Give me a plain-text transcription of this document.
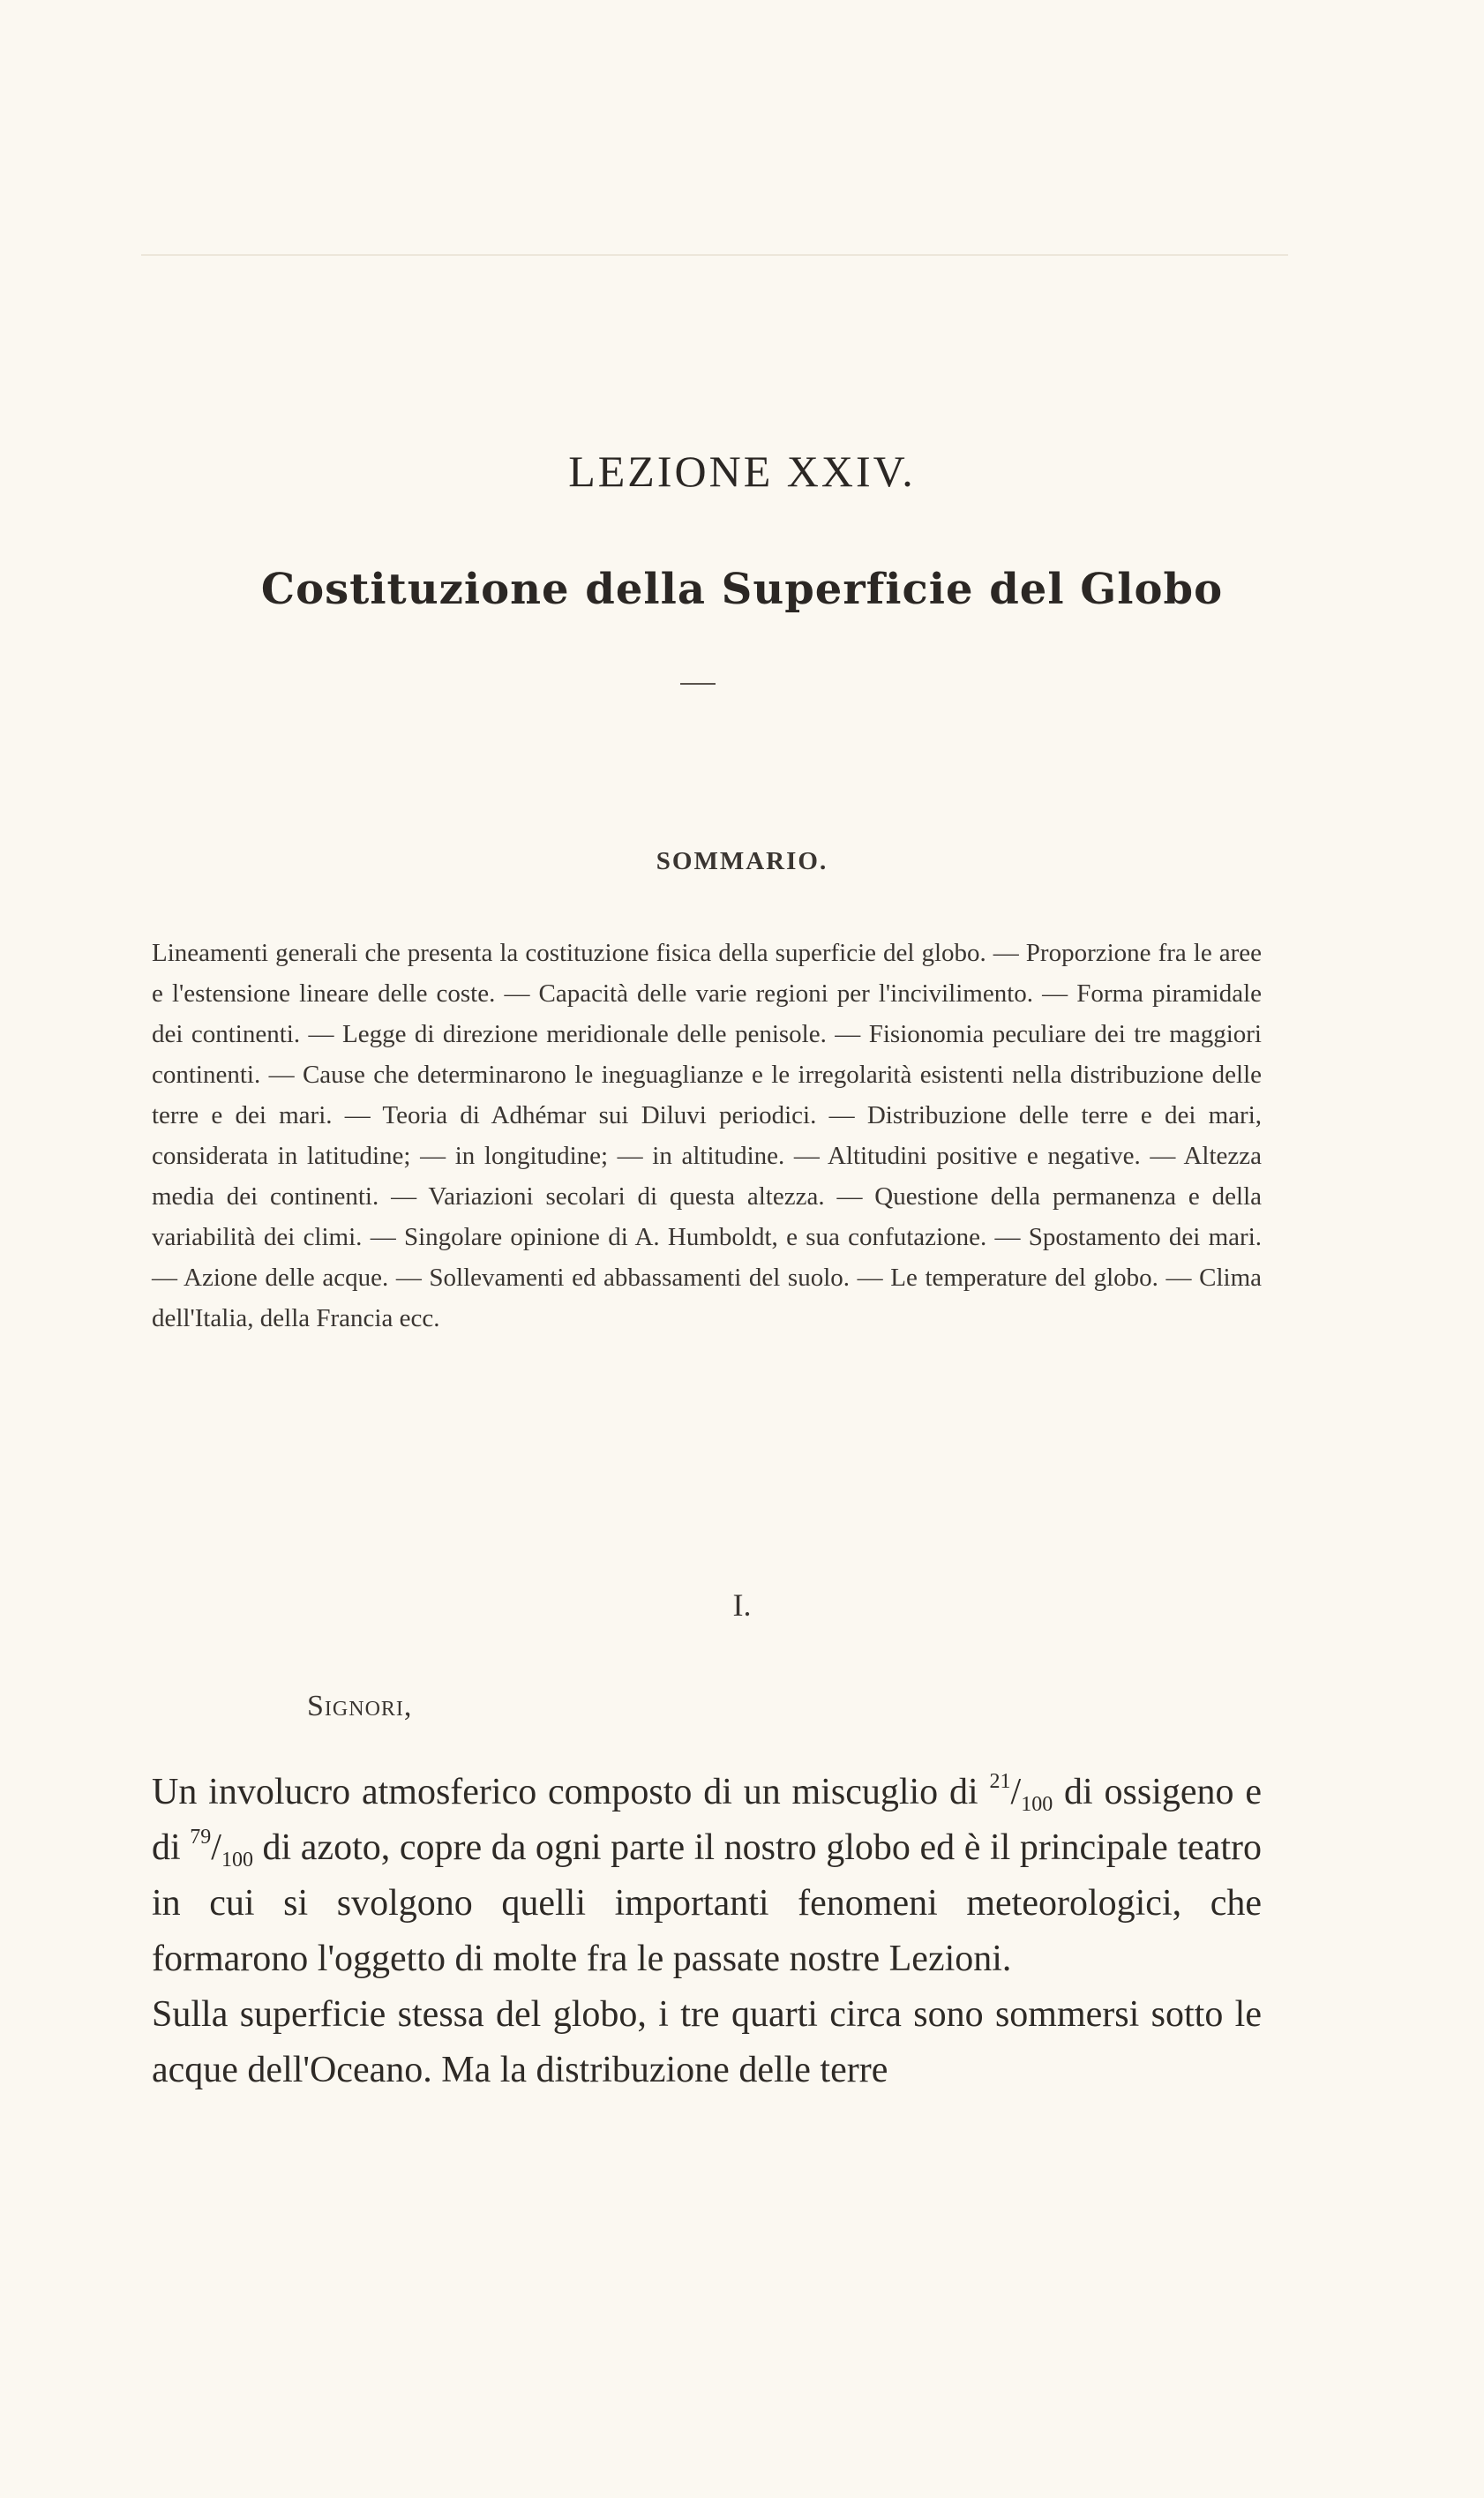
LEZIONE XXIV.
Costituzione della Superficie del Globo
SOMMARIO.

Lineamenti generali che presenta la costituzione fisica della superficie del globo. — Proporzione fra le aree e l'estensione lineare delle coste. — Capacità delle varie regioni per l'incivilimento. — Forma piramidale dei continenti. — Legge di direzione meridionale delle penisole. — Fisionomia peculiare dei tre maggiori continenti. — Cause che determinarono le ineguaglianze e le irregolarità esistenti nella distribuzione delle terre e dei mari. — Teoria di Adhémar sui Diluvi periodici. — Distribuzione delle terre e dei mari, considerata in latitudine; — in longitudine; — in altitudine. — Altitudini positive e negative. — Altezza media dei continenti. — Variazioni secolari di questa altezza. — Questione della permanenza e della variabilità dei climi. — Singolare opinione di A. Humboldt, e sua confutazione. — Spostamento dei mari. — Azione delle acque. — Sollevamenti ed abbassamenti del suolo. — Le temperature del globo. — Clima dell'Italia, della Francia ecc.

I.
Signori,

Un involucro atmosferico composto di un miscuglio di $^{21}/_{100}$ di ossigeno e di $^{79}/_{100}$ di azoto, copre da ogni parte il nostro globo ed è il principale teatro in cui si svolgono quelli importanti fenomeni meteorologici, che formarono l'oggetto di molte fra le passate nostre Lezioni.

Sulla superficie stessa del globo, i tre quarti circa sono sommersi sotto le acque dell'Oceano. Ma la distribuzione delle terre
